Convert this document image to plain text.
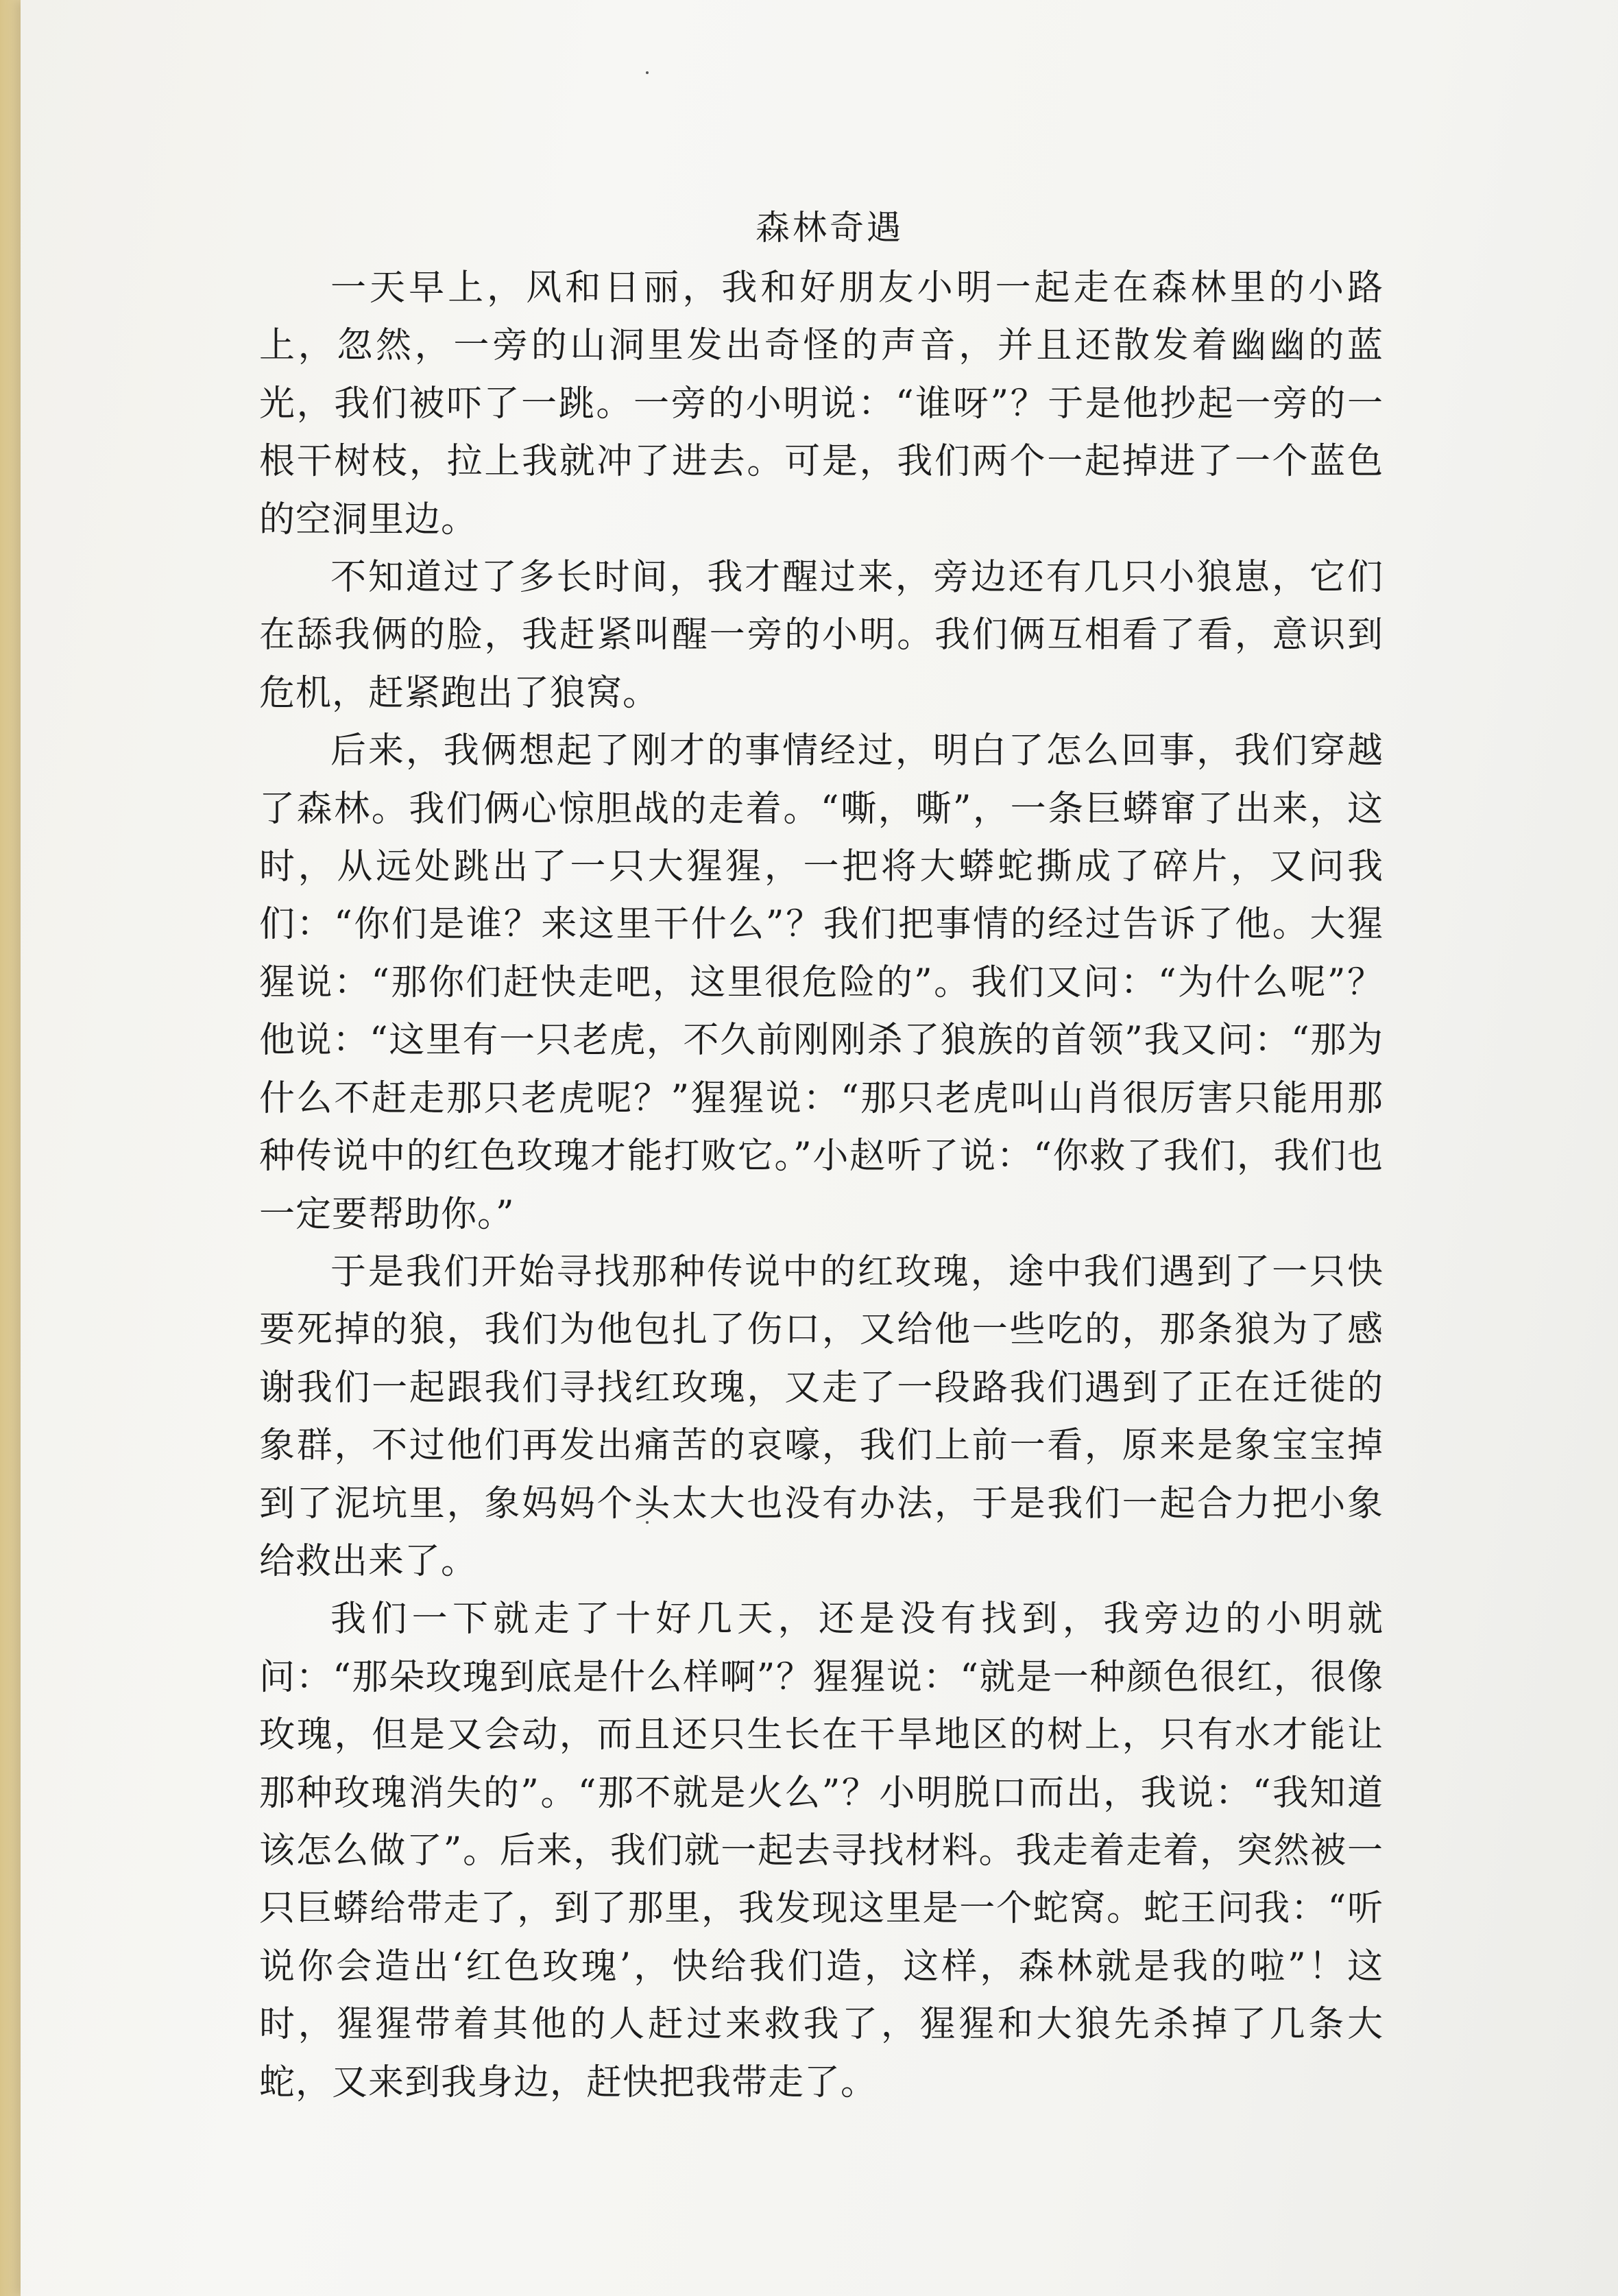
森林奇遇

一天早上，风和日丽，我和好朋友小明一起走在森林里的小路上，忽然，一旁的山洞里发出奇怪的声音，并且还散发着幽幽的蓝光，我们被吓了一跳。一旁的小明说：“谁呀”？于是他抄起一旁的一根干树枝，拉上我就冲了进去。可是，我们两个一起掉进了一个蓝色的空洞里边。

不知道过了多长时间，我才醒过来，旁边还有几只小狼崽，它们在舔我俩的脸，我赶紧叫醒一旁的小明。我们俩互相看了看，意识到危机，赶紧跑出了狼窝。

后来，我俩想起了刚才的事情经过，明白了怎么回事，我们穿越了森林。我们俩心惊胆战的走着。“嘶，嘶”，一条巨蟒窜了出来，这时，从远处跳出了一只大猩猩，一把将大蟒蛇撕成了碎片，又问我们：“你们是谁？来这里干什么”？我们把事情的经过告诉了他。大猩猩说：“那你们赶快走吧，这里很危险的”。我们又问：“为什么呢”？他说：“这里有一只老虎，不久前刚刚杀了狼族的首领”我又问：“那为什么不赶走那只老虎呢？”猩猩说：“那只老虎叫山肖很厉害只能用那种传说中的红色玫瑰才能打败它。”小赵听了说：“你救了我们，我们也一定要帮助你。”

于是我们开始寻找那种传说中的红玫瑰，途中我们遇到了一只快要死掉的狼，我们为他包扎了伤口，又给他一些吃的，那条狼为了感谢我们一起跟我们寻找红玫瑰，又走了一段路我们遇到了正在迁徙的象群，不过他们再发出痛苦的哀嚎，我们上前一看，原来是象宝宝掉到了泥坑里，象妈妈个头太大也没有办法，于是我们一起合力把小象给救出来了。

我们一下就走了十好几天，还是没有找到，我旁边的小明就问：“那朵玫瑰到底是什么样啊”？猩猩说：“就是一种颜色很红，很像玫瑰，但是又会动，而且还只生长在干旱地区的树上，只有水才能让那种玫瑰消失的”。“那不就是火么”？小明脱口而出，我说：“我知道该怎么做了”。后来，我们就一起去寻找材料。我走着走着，突然被一只巨蟒给带走了，到了那里，我发现这里是一个蛇窝。蛇王问我：“听说你会造出‘红色玫瑰’，快给我们造，这样，森林就是我的啦”！这时，猩猩带着其他的人赶过来救我了，猩猩和大狼先杀掉了几条大蛇，又来到我身边，赶快把我带走了。
